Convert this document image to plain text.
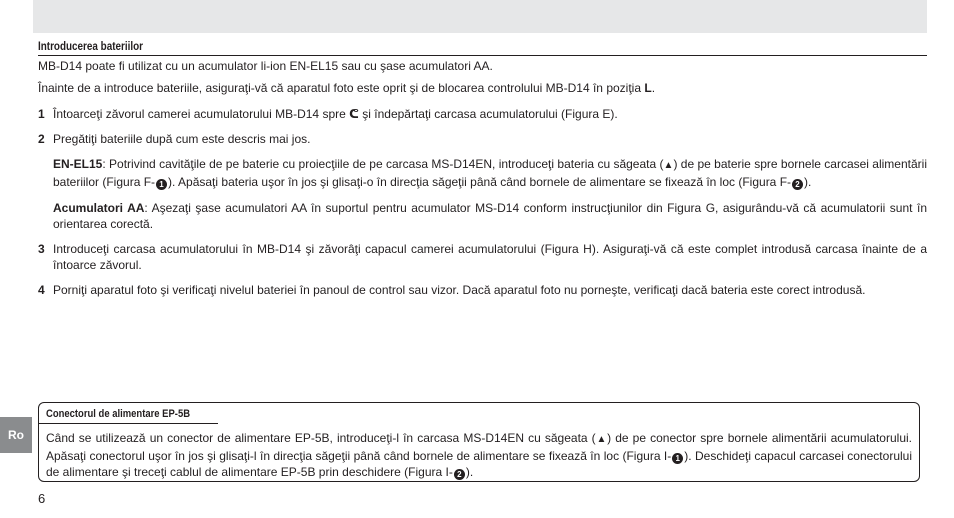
Introducerea bateriilor

MB-D14 poate fi utilizat cu un acumulator li-ion EN-EL15 sau cu şase acumulatori AA.

Înainte de a introduce bateriile, asiguraţi-vă că aparatul foto este oprit şi de blocarea controlului MB-D14 în poziţia L.

1 Întoarceţi zăvorul camerei acumulatorului MB-D14 spre ᕦ şi îndepărtaţi carcasa acumulatorului (Figura E).
2 Pregătiţi bateriile după cum este descris mai jos.

EN-EL15: Potrivind cavităţile de pe baterie cu proiecţiile de pe carcasa MS-D14EN, introduceţi bateria cu săgeata (▲) de pe baterie spre bornele carcasei alimentării bateriilor (Figura F- 1 ). Apăsaţi bateria uşor în jos şi glisaţi-o în direcţia săgeţii până când bornele de alimentare se fixează în loc (Figura F- 2 ).

Acumulatori AA: Aşezaţi şase acumulatori AA în suportul pentru acumulator MS-D14 conform instrucţiunilor din Figura G, asigurându-vă că acumulatorii sunt în orientarea corectă.

3 Introduceţi carcasa acumulatorului în MB-D14 şi zăvorâţi capacul camerei acumulatorului (Figura H). Asiguraţi-vă că este complet introdusă carcasa înainte de a întoarce zăvorul.
4 Porniţi aparatul foto şi verificaţi nivelul bateriei în panoul de control sau vizor. Dacă aparatul foto nu porneşte, verificaţi dacă bateria este corect introdusă.
Ro
Conectorul de alimentare EP-5B

Când se utilizează un conector de alimentare EP-5B, introduceţi-l în carcasa MS-D14EN cu săgeata (▲) de pe conector spre bornele alimentării acumulatorului. Apăsaţi conectorul uşor în jos şi glisaţi-l în direcţia săgeţii până când bornele de alimentare se fixează în loc (Figura I- 1 ). Deschideţi capacul carcasei conectorului de alimentare şi treceţi cablul de alimentare EP-5B prin deschidere (Figura I- 2 ).

6
